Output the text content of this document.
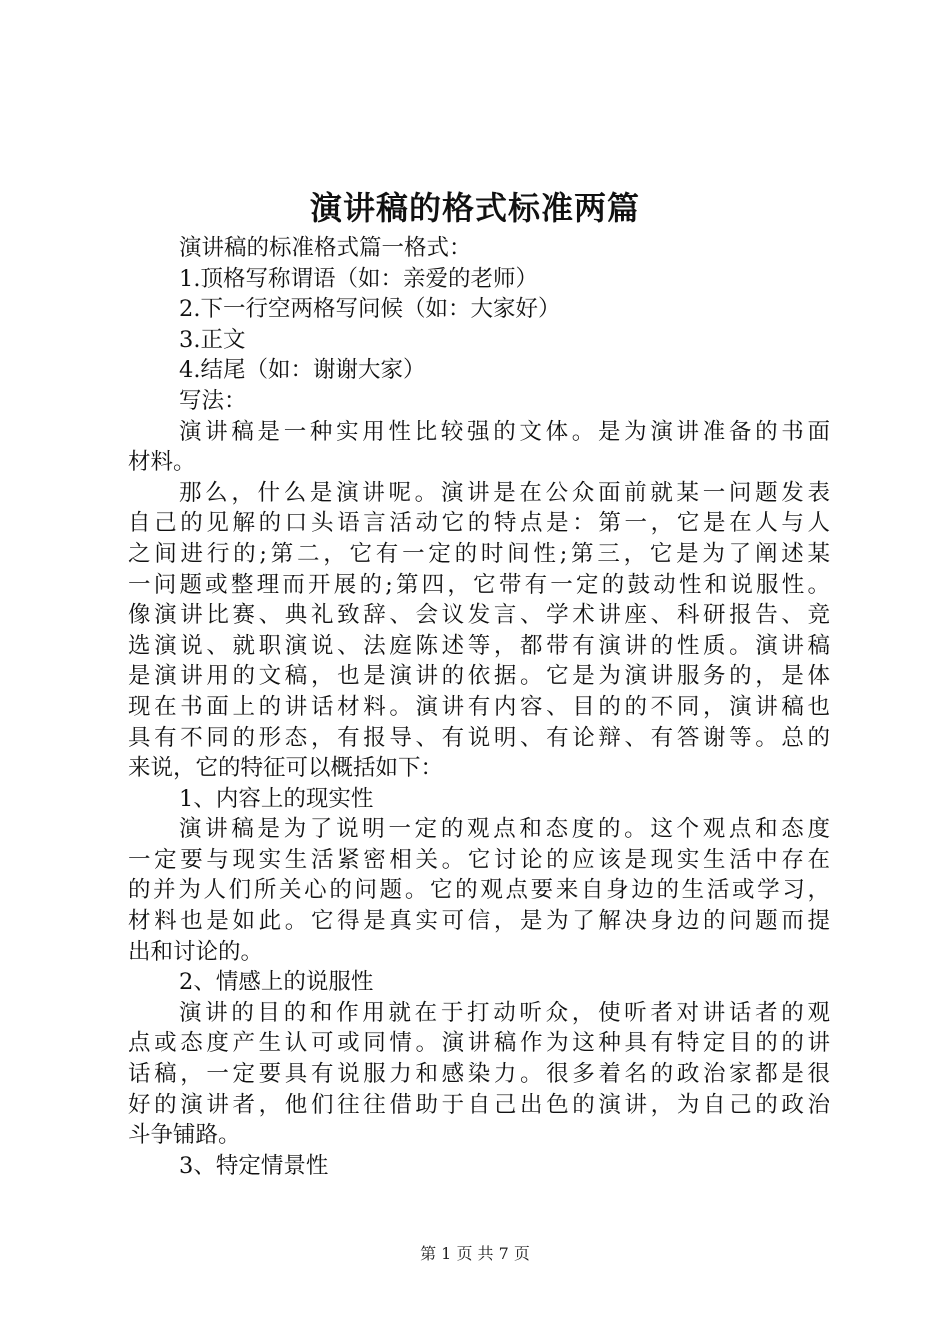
演讲稿的格式标准两篇
演讲稿的标准格式篇一格式：
1.顶格写称谓语（如：亲爱的老师）
2.下一行空两格写问候（如：大家好）
3.正文
4.结尾（如：谢谢大家）
写法：
演讲稿是一种实用性比较强的文体。是为演讲准备的书面
材料。
那么，什么是演讲呢。演讲是在公众面前就某一问题发表
自己的见解的口头语言活动它的特点是：第一，它是在人与人
之间进行的;第二，它有一定的时间性;第三，它是为了阐述某
一问题或整理而开展的;第四，它带有一定的鼓动性和说服性。
像演讲比赛、典礼致辞、会议发言、学术讲座、科研报告、竞
选演说、就职演说、法庭陈述等，都带有演讲的性质。演讲稿
是演讲用的文稿，也是演讲的依据。它是为演讲服务的，是体
现在书面上的讲话材料。演讲有内容、目的的不同，演讲稿也
具有不同的形态，有报导、有说明、有论辩、有答谢等。总的
来说，它的特征可以概括如下：
1、内容上的现实性
演讲稿是为了说明一定的观点和态度的。这个观点和态度
一定要与现实生活紧密相关。它讨论的应该是现实生活中存在
的并为人们所关心的问题。它的观点要来自身边的生活或学习，
材料也是如此。它得是真实可信，是为了解决身边的问题而提
出和讨论的。
2、情感上的说服性
演讲的目的和作用就在于打动听众，使听者对讲话者的观
点或态度产生认可或同情。演讲稿作为这种具有特定目的的讲
话稿，一定要具有说服力和感染力。很多着名的政治家都是很
好的演讲者，他们往往借助于自己出色的演讲，为自己的政治
斗争铺路。
3、特定情景性
第 1 页 共 7 页
